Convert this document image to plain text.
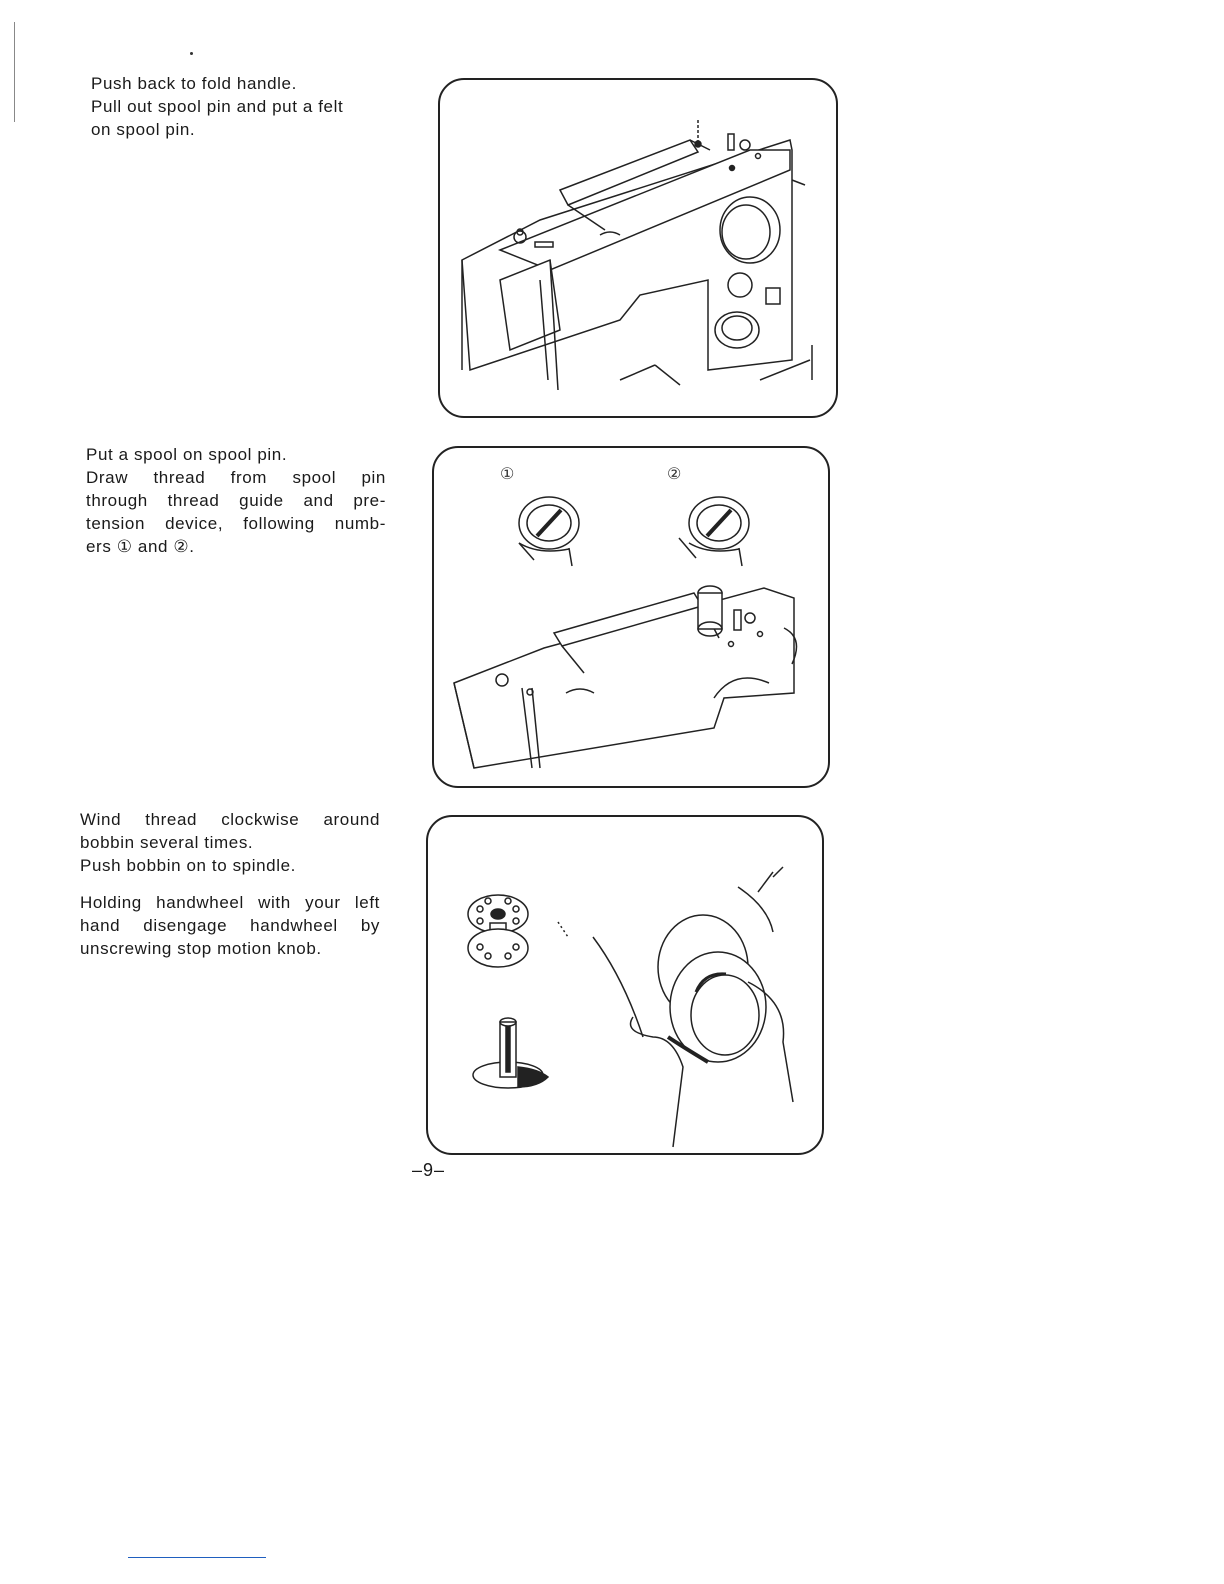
Push back to fold handle.

Pull out spool pin and put a felt

on spool pin.

Put a spool on spool pin.

Draw thread from spool pin

through thread guide and pre-

tension device, following numb-

ers ① and ②.

①	②

Wind thread clockwise around

bobbin several times.

Push bobbin on to spindle.

Holding handwheel with your left

hand disengage handwheel by

unscrewing stop motion knob.

–9–
